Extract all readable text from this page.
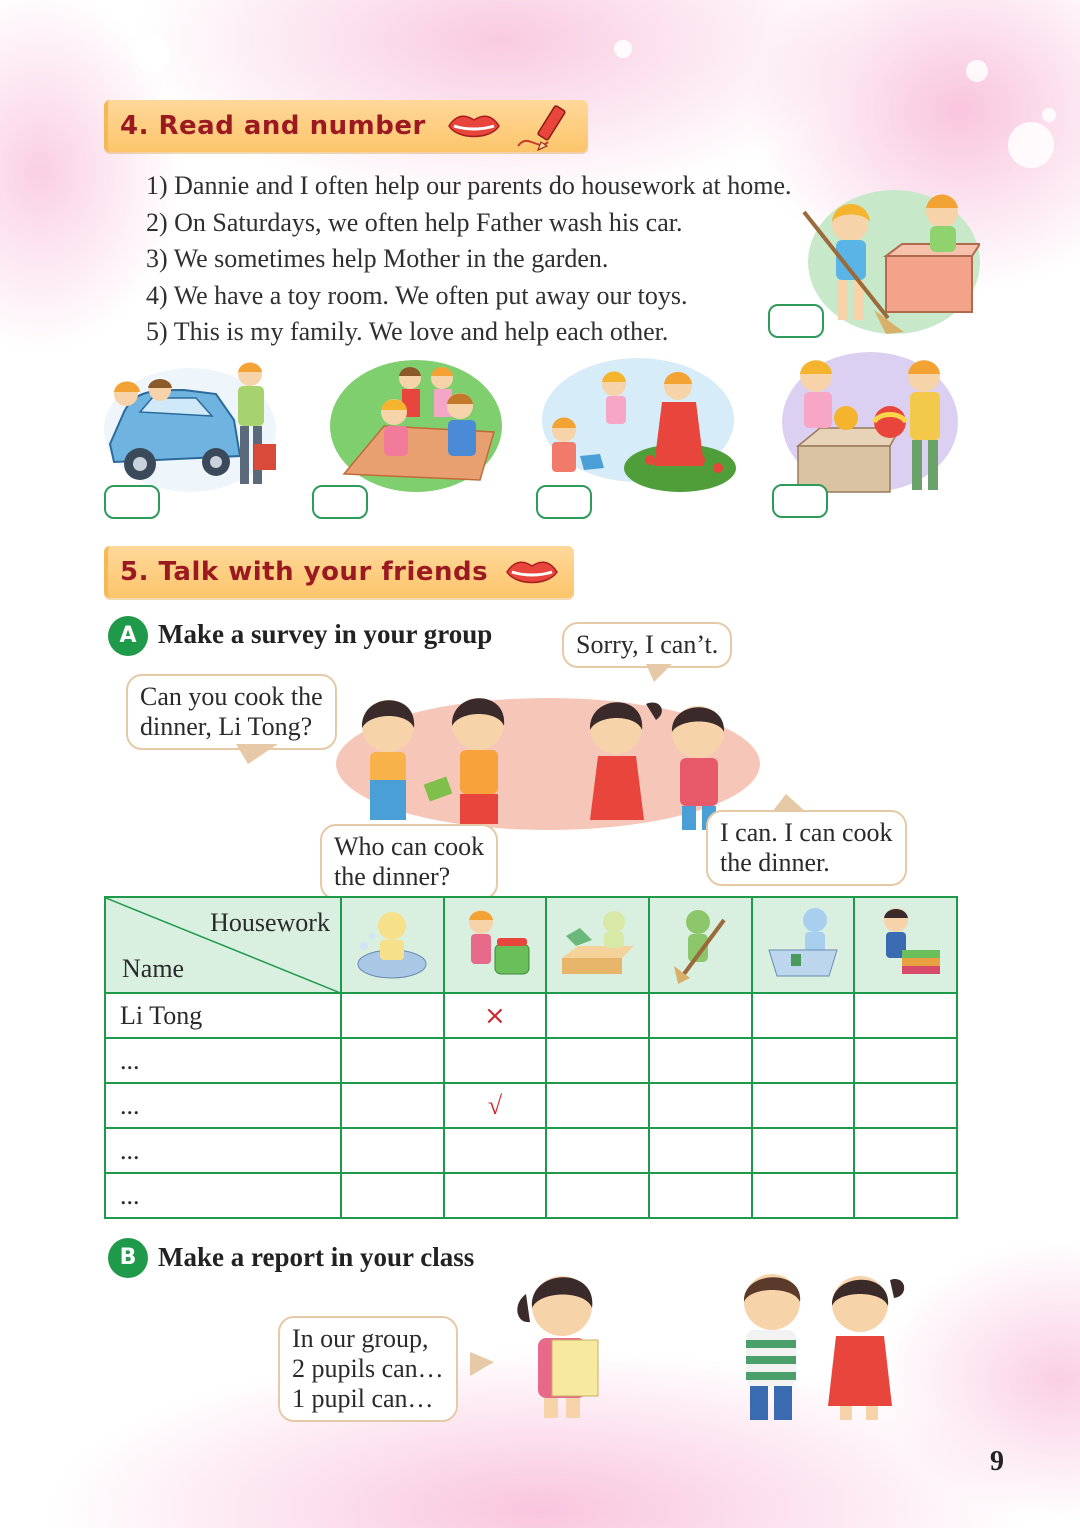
4. Read and number
1) Dannie and I often help our parents do housework at home.
2) On Saturdays, we often help Father wash his car.
3) We sometimes help Mother in the garden.
4) We have a toy room. We often put away our toys.
5) This is my family. We love and help each other.
5. Talk with your friends
A Make a survey in your group
Can you cook the
dinner, Li Tong?
Sorry, I can’t.
Who can cook
the dinner?
I can. I can cook
the dinner.
Housework
Name

Li Tong		×				
...						
...		√				
...						
...						
B Make a report in your class
In our group,
2 pupils can…
1 pupil can…
9
